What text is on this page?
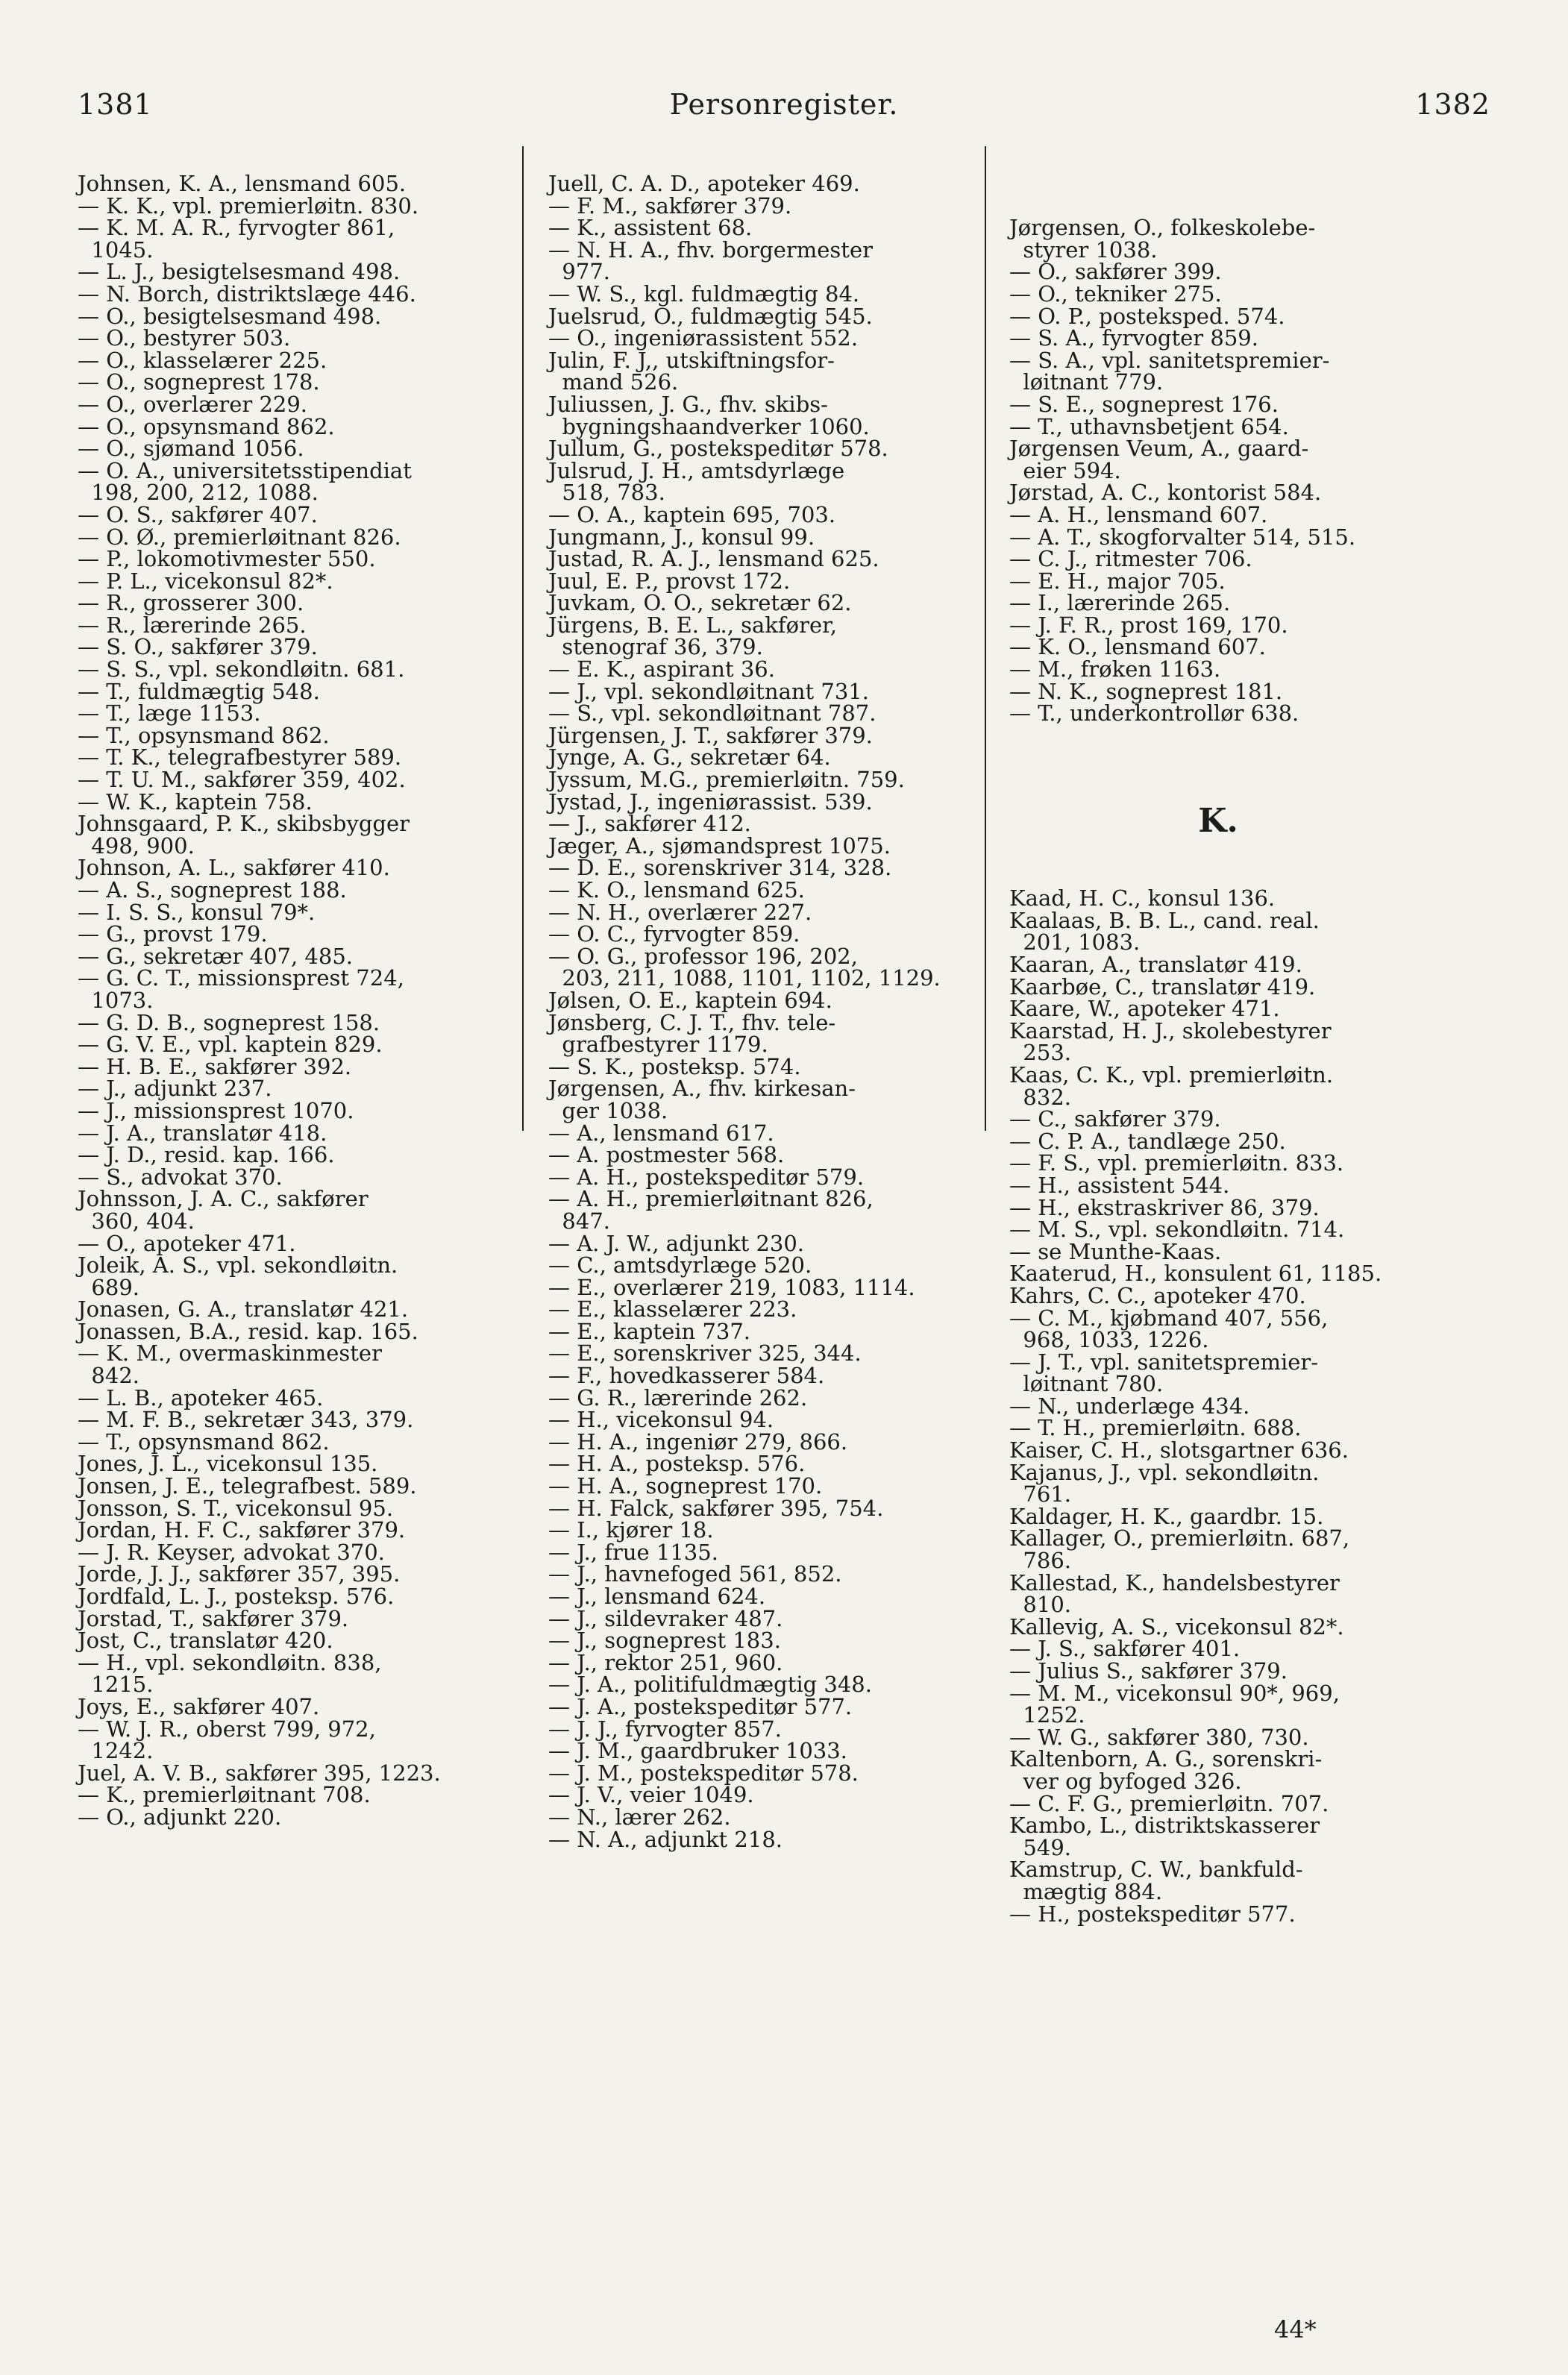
1381	Personregister.	1382
Johnsen, K. A., lensmand 605.
— K. K., vpl. premierløitn. 830.
— K. M. A. R., fyrvogter 861,
1045.
— L. J., besigtelsesmand 498.
— N. Borch, distriktslæge 446.
— O., besigtelsesmand 498.
— O., bestyrer 503.
— O., klasselærer 225.
— O., sogneprest 178.
— O., overlærer 229.
— O., opsynsmand 862.
— O., sjømand 1056.
— O. A., universitetsstipendiat
198, 200, 212, 1088.
— O. S., sakfører 407.
— O. Ø., premierløitnant 826.
— P., lokomotivmester 550.
— P. L., vicekonsul 82*.
— R., grosserer 300.
— R., lærerinde 265.
— S. O., sakfører 379.
— S. S., vpl. sekondløitn. 681.
— T., fuldmægtig 548.
— T., læge 1153.
— T., opsynsmand 862.
— T. K., telegrafbestyrer 589.
— T. U. M., sakfører 359, 402.
— W. K., kaptein 758.
Johnsgaard, P. K., skibsbygger
498, 900.
Johnson, A. L., sakfører 410.
— A. S., sogneprest 188.
— I. S. S., konsul 79*.
— G., provst 179.
— G., sekretær 407, 485.
— G. C. T., missionsprest 724,
1073.
— G. D. B., sogneprest 158.
— G. V. E., vpl. kaptein 829.
— H. B. E., sakfører 392.
— J., adjunkt 237.
— J., missionsprest 1070.
— J. A., translatør 418.
— J. D., resid. kap. 166.
— S., advokat 370.
Johnsson, J. A. C., sakfører
360, 404.
— O., apoteker 471.
Joleik, A. S., vpl. sekondløitn.
689.
Jonasen, G. A., translatør 421.
Jonassen, B.A., resid. kap. 165.
— K. M., overmaskinmester
842.
— L. B., apoteker 465.
— M. F. B., sekretær 343, 379.
— T., opsynsmand 862.
Jones, J. L., vicekonsul 135.
Jonsen, J. E., telegrafbest. 589.
Jonsson, S. T., vicekonsul 95.
Jordan, H. F. C., sakfører 379.
— J. R. Keyser, advokat 370.
Jorde, J. J., sakfører 357, 395.
Jordfald, L. J., posteksp. 576.
Jorstad, T., sakfører 379.
Jost, C., translatør 420.
— H., vpl. sekondløitn. 838,
1215.
Joys, E., sakfører 407.
— W. J. R., oberst 799, 972,
1242.
Juel, A. V. B., sakfører 395, 1223.
— K., premierløitnant 708.
— O., adjunkt 220.
Juell, C. A. D., apoteker 469.
— F. M., sakfører 379.
— K., assistent 68.
— N. H. A., fhv. borgermester
977.
— W. S., kgl. fuldmægtig 84.
Juelsrud, O., fuldmægtig 545.
— O., ingeniørassistent 552.
Julin, F. J,, utskiftningsfor-
mand 526.
Juliussen, J. G., fhv. skibs-
bygningshaandverker 1060.
Jullum, G., postekspeditør 578.
Julsrud, J. H., amtsdyrlæge
518, 783.
— O. A., kaptein 695, 703.
Jungmann, J., konsul 99.
Justad, R. A. J., lensmand 625.
Juul, E. P., provst 172.
Juvkam, O. O., sekretær 62.
Jürgens, B. E. L., sakfører,
stenograf 36, 379.
— E. K., aspirant 36.
— J., vpl. sekondløitnant 731.
— S., vpl. sekondløitnant 787.
Jürgensen, J. T., sakfører 379.
Jynge, A. G., sekretær 64.
Jyssum, M.G., premierløitn. 759.
Jystad, J., ingeniørassist. 539.
— J., sakfører 412.
Jæger, A., sjømandsprest 1075.
— D. E., sorenskriver 314, 328.
— K. O., lensmand 625.
— N. H., overlærer 227.
— O. C., fyrvogter 859.
— O. G., professor 196, 202,
203, 211, 1088, 1101, 1102, 1129.
Jølsen, O. E., kaptein 694.
Jønsberg, C. J. T., fhv. tele-
grafbestyrer 1179.
— S. K., posteksp. 574.
Jørgensen, A., fhv. kirkesan-
ger 1038.
— A., lensmand 617.
— A. postmester 568.
— A. H., postekspeditør 579.
— A. H., premierløitnant 826,
847.
— A. J. W., adjunkt 230.
— C., amtsdyrlæge 520.
— E., overlærer 219, 1083, 1114.
— E., klasselærer 223.
— E., kaptein 737.
— E., sorenskriver 325, 344.
— F., hovedkasserer 584.
— G. R., lærerinde 262.
— H., vicekonsul 94.
— H. A., ingeniør 279, 866.
— H. A., posteksp. 576.
— H. A., sogneprest 170.
— H. Falck, sakfører 395, 754.
— I., kjører 18.
— J., frue 1135.
— J., havnefoged 561, 852.
— J., lensmand 624.
— J., sildevraker 487.
— J., sogneprest 183.
— J., rektor 251, 960.
— J. A., politifuldmægtig 348.
— J. A., postekspeditør 577.
— J. J., fyrvogter 857.
— J. M., gaardbruker 1033.
— J. M., postekspeditør 578.
— J. V., veier 1049.
— N., lærer 262.
— N. A., adjunkt 218.

Jørgensen, O., folkeskolebe-
styrer 1038.
— O., sakfører 399.
— O., tekniker 275.
— O. P., posteksped. 574.
— S. A., fyrvogter 859.
— S. A., vpl. sanitetspremier-
løitnant 779.
— S. E., sogneprest 176.
— T., uthavnsbetjent 654.
Jørgensen Veum, A., gaard-
eier 594.
Jørstad, A. C., kontorist 584.
— A. H., lensmand 607.
— A. T., skogforvalter 514, 515.
— C. J., ritmester 706.
— E. H., major 705.
— I., lærerinde 265.
— J. F. R., prost 169, 170.
— K. O., lensmand 607.
— M., frøken 1163.
— N. K., sogneprest 181.
— T., underkontrollør 638.

K.

Kaad, H. C., konsul 136.
Kaalaas, B. B. L., cand. real.
201, 1083.
Kaaran, A., translatør 419.
Kaarbøe, C., translatør 419.
Kaare, W., apoteker 471.
Kaarstad, H. J., skolebestyrer
253.
Kaas, C. K., vpl. premierløitn.
832.
— C., sakfører 379.
— C. P. A., tandlæge 250.
— F. S., vpl. premierløitn. 833.
— H., assistent 544.
— H., ekstraskriver 86, 379.
— M. S., vpl. sekondløitn. 714.
— se Munthe-Kaas.
Kaaterud, H., konsulent 61, 1185.
Kahrs, C. C., apoteker 470.
— C. M., kjøbmand 407, 556,
968, 1033, 1226.
— J. T., vpl. sanitetspremier-
løitnant 780.
— N., underlæge 434.
— T. H., premierløitn. 688.
Kaiser, C. H., slotsgartner 636.
Kajanus, J., vpl. sekondløitn.
761.
Kaldager, H. K., gaardbr. 15.
Kallager, O., premierløitn. 687,
786.
Kallestad, K., handelsbestyrer
810.
Kallevig, A. S., vicekonsul 82*.
— J. S., sakfører 401.
— Julius S., sakfører 379.
— M. M., vicekonsul 90*, 969,
1252.
— W. G., sakfører 380, 730.
Kaltenborn, A. G., sorenskri-
ver og byfoged 326.
— C. F. G., premierløitn. 707.
Kambo, L., distriktskasserer
549.
Kamstrup, C. W., bankfuld-
mægtig 884.
— H., postekspeditør 577.

44*
